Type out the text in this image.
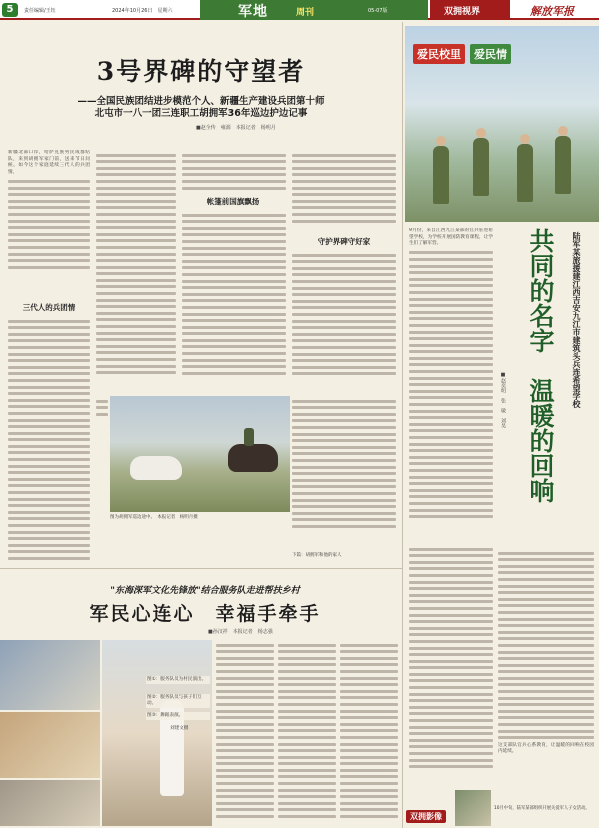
5	责任编辑/王钰	2024年10月26日　星期六	军地	周刊	05-07版	双拥视界	解放军报
3号界碑的守望者
——全国民族团结进步模范个人、新疆生产建设兵团第十师
北屯市一八一团三连职工胡拥军36年巡边护边记事
■赵全传　雍源　本报记者　杨明月
新疆北部口岸，哈萨克族男民成群结队，来到胡拥军家门前，送来节日问候。如今这个家庭延续三代人的兵团情。
三代人的兵团情
帐篷前国旗飘扬
守护界碑守好家
图为胡拥军巡边途中。　本报记者　杨明月摄
下篇：胡拥军和他的家人
爱民校里	爱民情
共同的名字　温暖的回响	陆军某旅援建江西吉安九江市建筑头兵连希望学校
■赵奕明　张　敏　刘昊
9月份，来自江西九江某部的官兵驻进希望学校，为学校开展国防教育课程，让学生们了解军营。
这支部队官兵心系教育，让温暖的回响在校园内延续。
"东海深军文化先锋放"结合服务队走进帮扶乡村
军民心连心　幸福手牵手
■孙汉祥　本报记者　杨志强
图①：服务队员为村民演出。
图②：服务队员与孩子们互动。
图③：舞蹈表演。
刘建文摄
双拥影像
10月中旬，陆军某部组织开展关爱军人子女活动。
